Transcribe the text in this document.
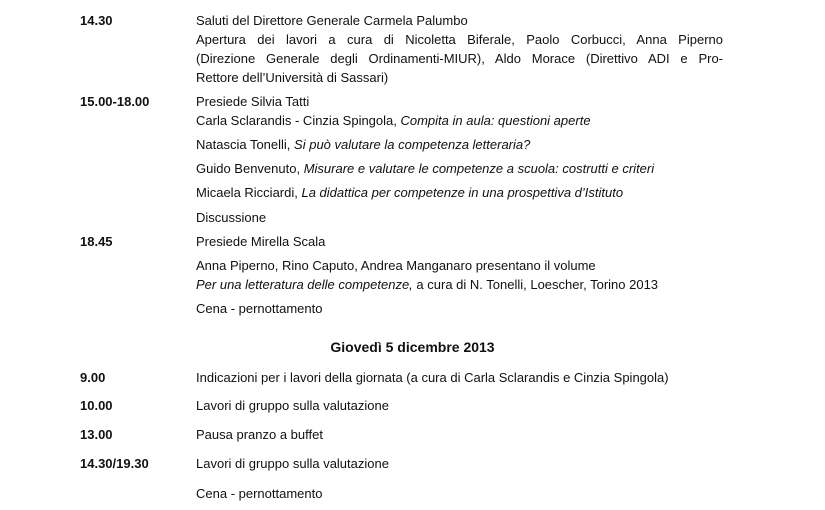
14.30	Saluti del Direttore Generale Carmela Palumbo
Apertura dei lavori a cura di Nicoletta Biferale, Paolo Corbucci, Anna Piperno
(Direzione Generale degli Ordinamenti-MIUR), Aldo Morace (Direttivo ADI e Pro-
Rettore dell’Università di Sassari)
15.00-18.00	Presiede Silvia Tatti
Carla Sclarandis - Cinzia Spingola, Compita in aula: questioni aperte
Natascia Tonelli, Si può valutare la competenza letteraria?
Guido Benvenuto, Misurare e valutare le competenze a scuola: costrutti e criteri
Micaela Ricciardi, La didattica per competenze in una prospettiva d’Istituto
Discussione
18.45	Presiede Mirella Scala
Anna Piperno, Rino Caputo, Andrea Manganaro presentano il volume
Per una letteratura delle competenze, a cura di N. Tonelli, Loescher, Torino 2013
Cena - pernottamento
Giovedì 5 dicembre 2013
9.00	Indicazioni per i lavori della giornata (a cura di Carla Sclarandis e Cinzia Spingola)
10.00	Lavori di gruppo sulla valutazione
13.00	Pausa pranzo a buffet
14.30/19.30	Lavori di gruppo sulla valutazione
Cena - pernottamento
